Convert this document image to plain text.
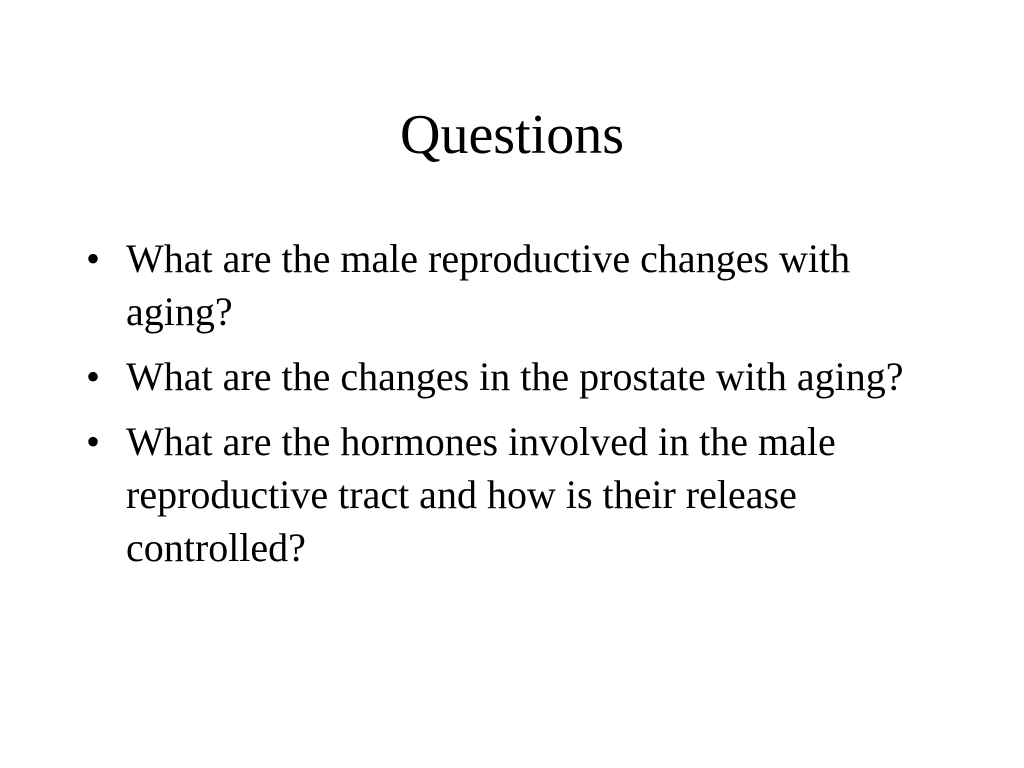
Questions
• What are the male reproductive changes with aging?
• What are the changes in the prostate with aging?
• What are the hormones involved in the male reproductive tract and how is their release controlled?
